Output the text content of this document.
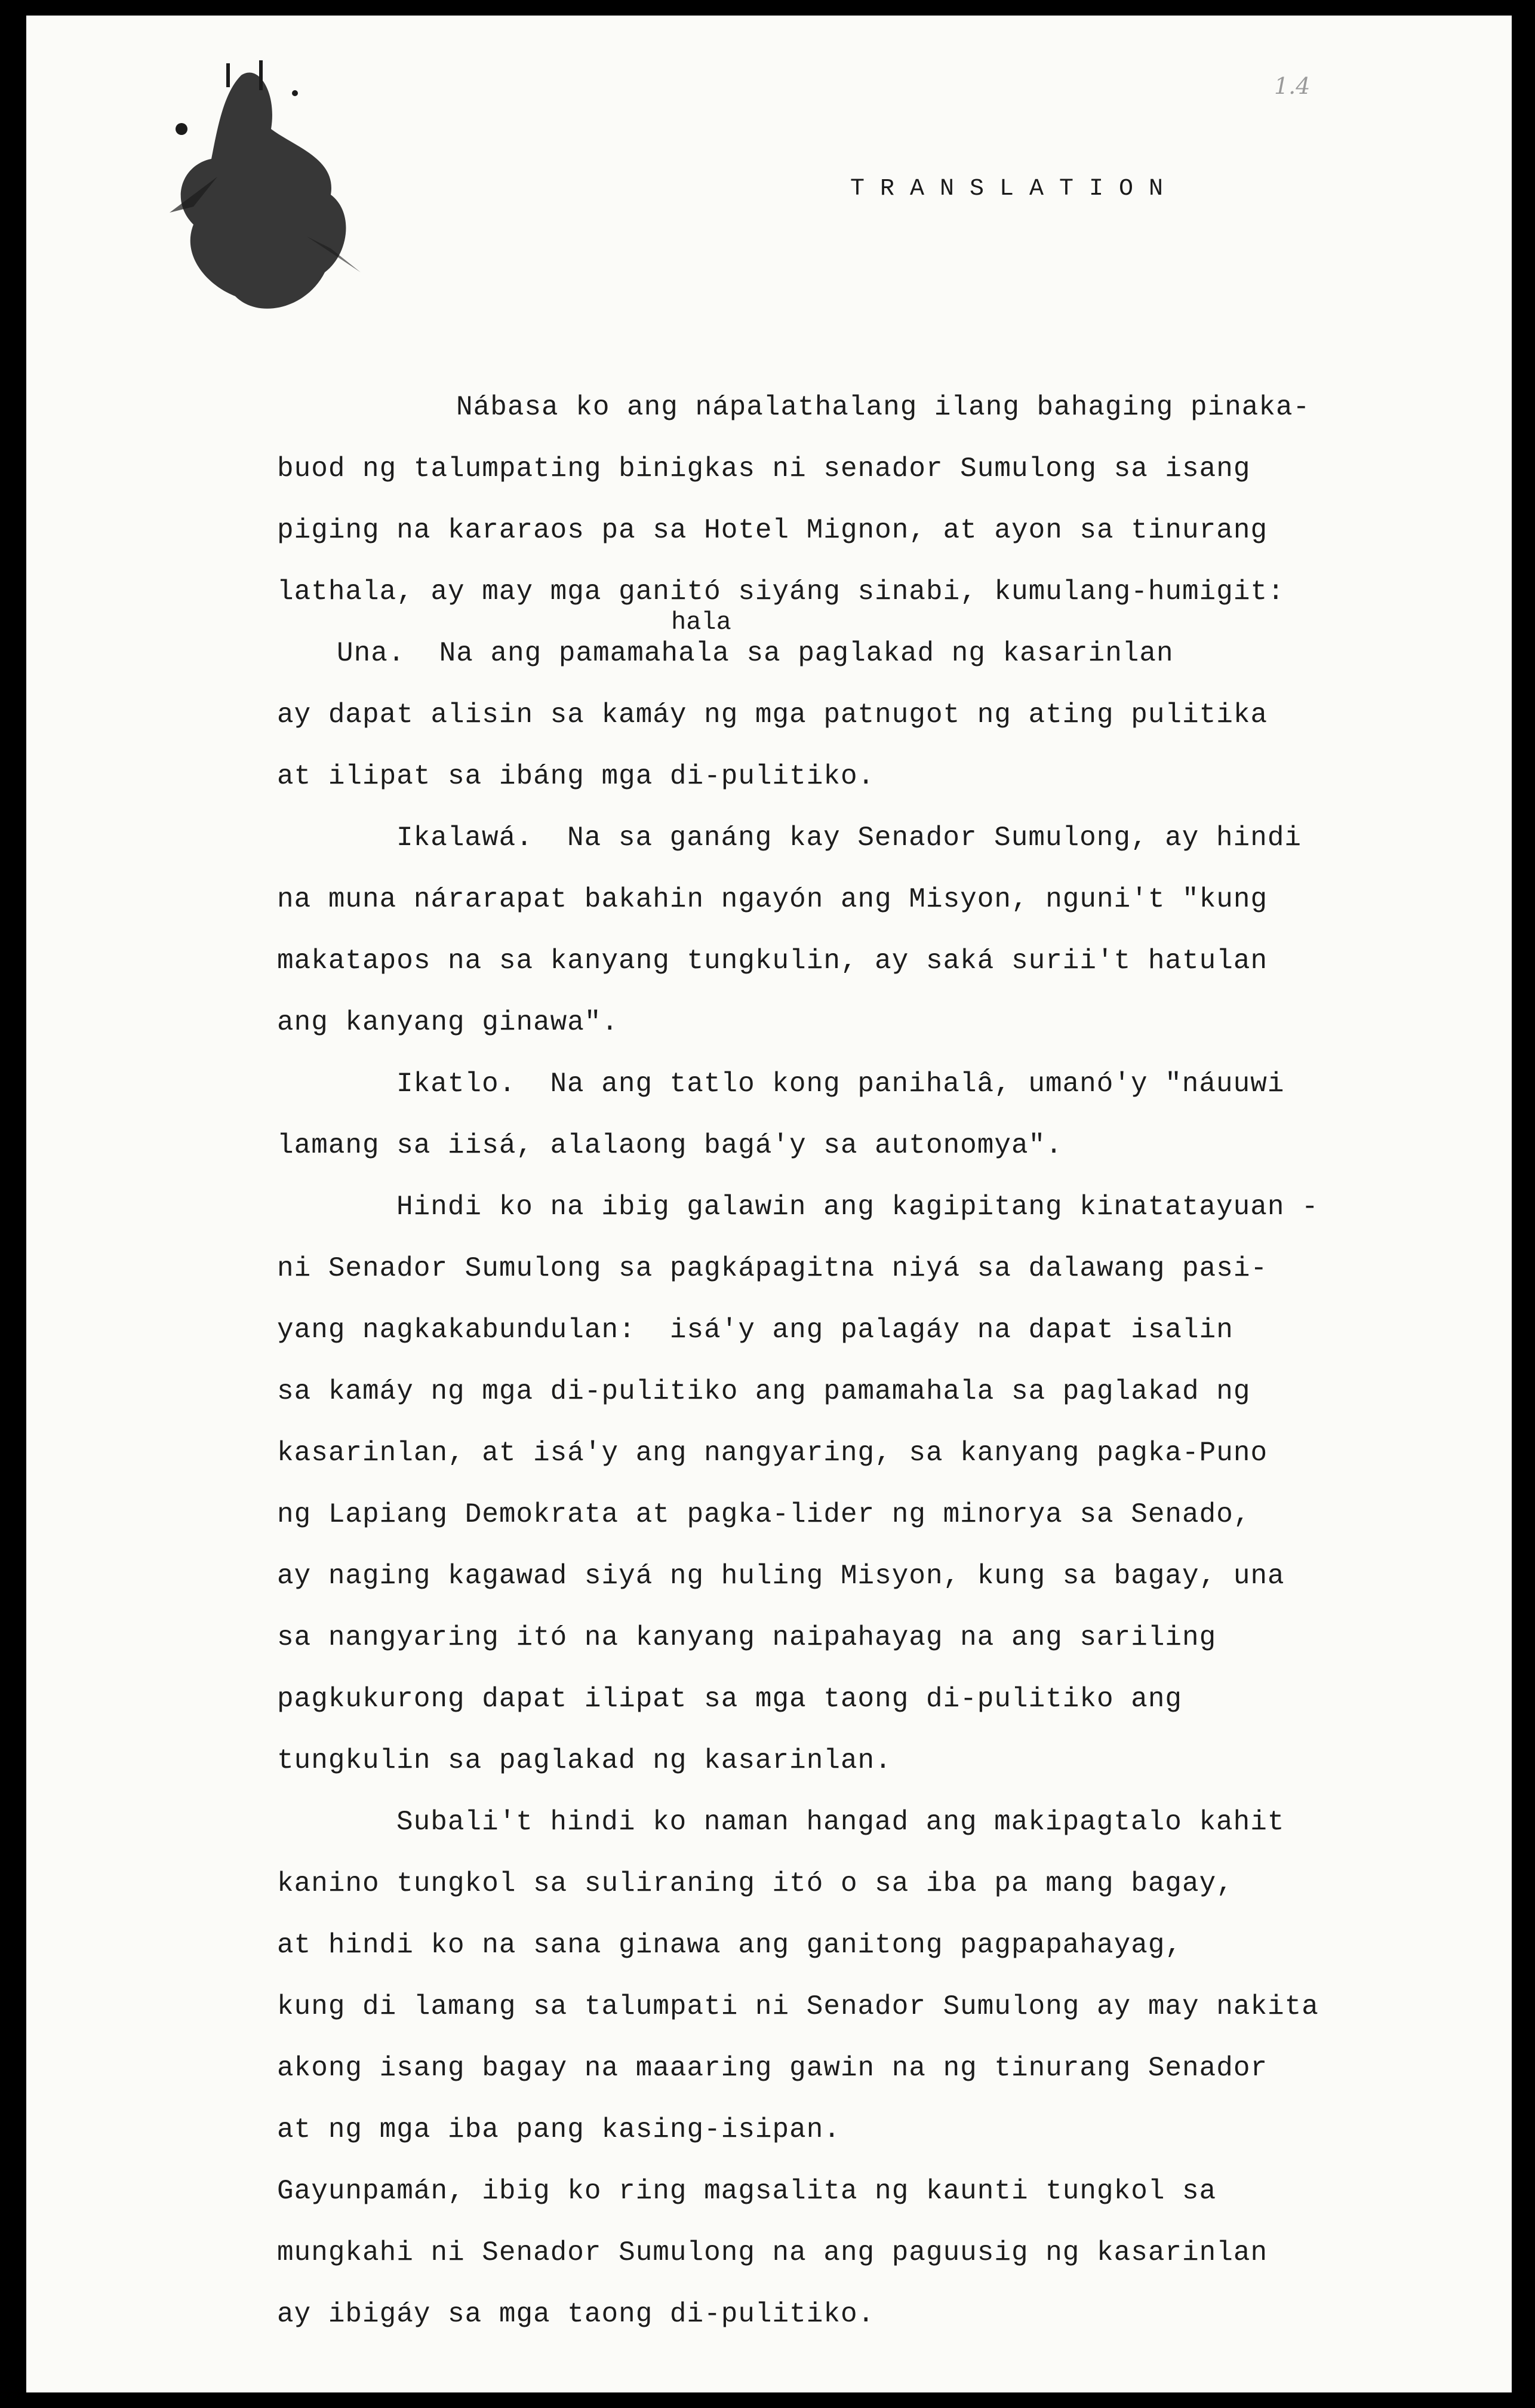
1.4
TRANSLATION
hala
Nábasa ko ang nápalathalang ilang bahaging pinaka-
buod ng talumpating binigkas ni senador Sumulong sa isang
piging na kararaos pa sa Hotel Mignon, at ayon sa tinurang
lathala, ay may mga ganitó siyáng sinabi, kumulang-humigit:
Una.  Na ang pamamahala sa paglakad ng kasarinlan
ay dapat alisin sa kamáy ng mga patnugot ng ating pulitika
at ilipat sa ibáng mga di-pulitiko.
Ikalawá.  Na sa ganáng kay Senador Sumulong, ay hindi
na muna nárarapat bakahin ngayón ang Misyon, nguni't "kung
makatapos na sa kanyang tungkulin, ay saká surii't hatulan
ang kanyang ginawa".
Ikatlo.  Na ang tatlo kong panihalâ, umanó'y "náuuwi
lamang sa iisá, alalaong bagá'y sa autonomya".
Hindi ko na ibig galawin ang kagipitang kinatatayuan -
ni Senador Sumulong sa pagkápagitna niyá sa dalawang pasi-
yang nagkakabundulan:  isá'y ang palagáy na dapat isalin
sa kamáy ng mga di-pulitiko ang pamamahala sa paglakad ng
kasarinlan, at isá'y ang nangyaring, sa kanyang pagka-Puno
ng Lapiang Demokrata at pagka-lider ng minorya sa Senado,
ay naging kagawad siyá ng huling Misyon, kung sa bagay, una
sa nangyaring itó na kanyang naipahayag na ang sariling
pagkukurong dapat ilipat sa mga taong di-pulitiko ang
tungkulin sa paglakad ng kasarinlan.
Subali't hindi ko naman hangad ang makipagtalo kahit
kanino tungkol sa suliraning itó o sa iba pa mang bagay,
at hindi ko na sana ginawa ang ganitong pagpapahayag,
kung di lamang sa talumpati ni Senador Sumulong ay may nakita
akong isang bagay na maaaring gawin na ng tinurang Senador
at ng mga iba pang kasing-isipan.
Gayunpamán, ibig ko ring magsalita ng kaunti tungkol sa
mungkahi ni Senador Sumulong na ang paguusig ng kasarinlan
ay ibigáy sa mga taong di-pulitiko.
